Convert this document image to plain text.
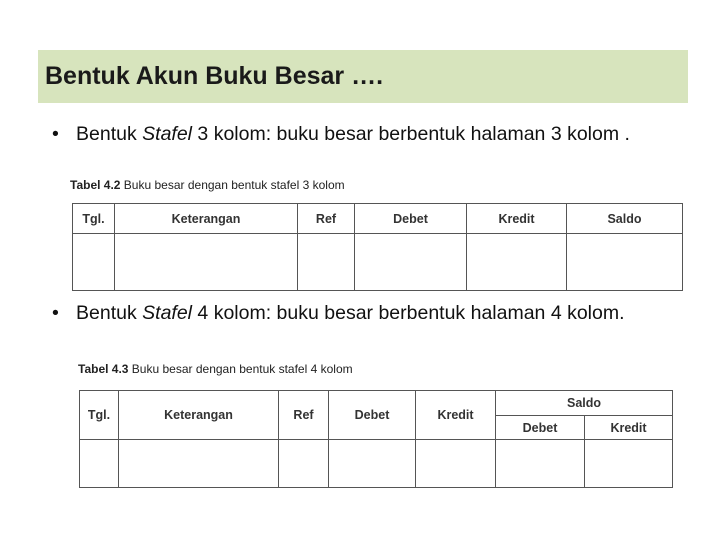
Bentuk Akun Buku Besar ….
• Bentuk Stafel 3 kolom: buku besar berbentuk halaman 3 kolom .
Tabel 4.2 Buku besar dengan bentuk stafel 3 kolom
Tgl.	Keterangan	Ref	Debet	Kredit	Saldo

• Bentuk Stafel 4 kolom: buku besar berbentuk halaman 4 kolom.
Tabel 4.3 Buku besar dengan bentuk stafel 4 kolom
Tgl.	Keterangan	Ref	Debet	Kredit	Saldo	
					Debet	Kredit
